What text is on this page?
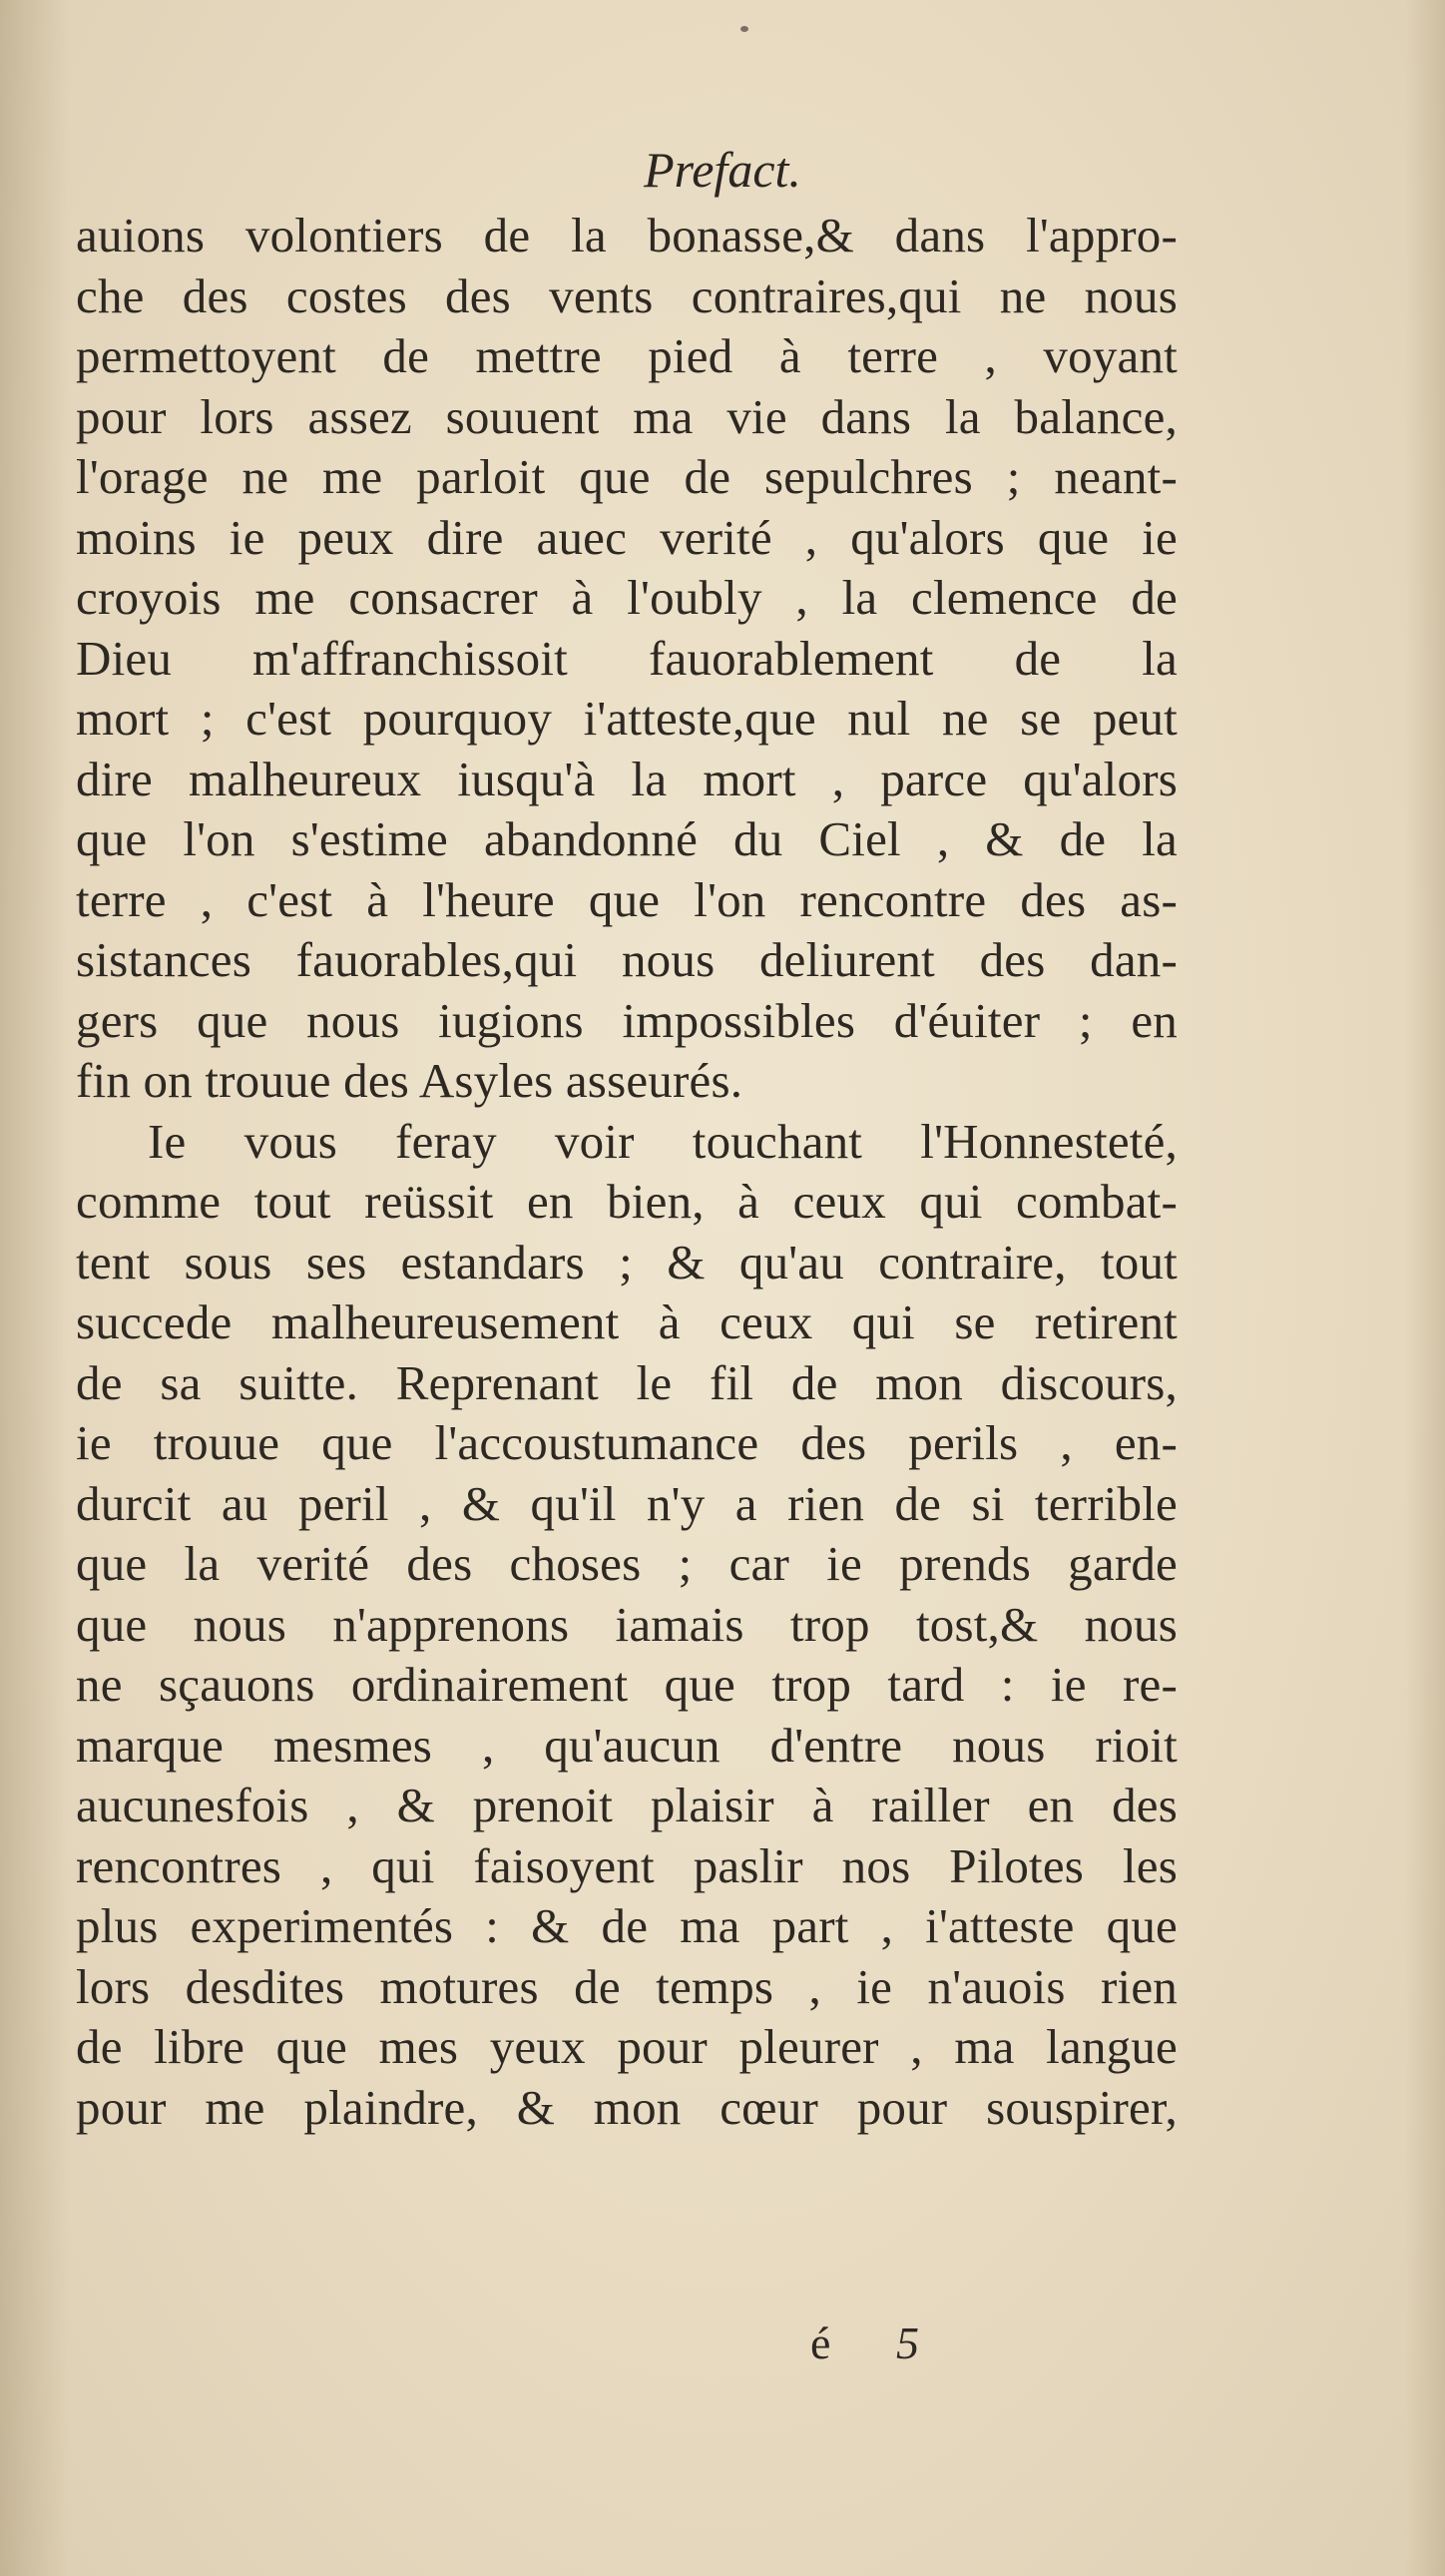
Prefact.
auions volontiers de la bonasse,& dans l'appro-
che des costes des vents contraires,qui ne nous
permettoyent de mettre pied à terre , voyant
pour lors assez souuent ma vie dans la balance,
l'orage ne me parloit que de sepulchres ; neant-
moins ie peux dire auec verité , qu'alors que ie
croyois me consacrer à l'oubly , la clemence de
Dieu m'affranchissoit fauorablement de la
mort ; c'est pourquoy i'atteste,que nul ne se peut
dire malheureux iusqu'à la mort , parce qu'alors
que l'on s'estime abandonné du Ciel , & de la
terre , c'est à l'heure que l'on rencontre des as-
sistances fauorables,qui nous deliurent des dan-
gers que nous iugions impossibles d'éuiter ; en
fin on trouue des Asyles asseurés.
Ie vous feray voir touchant l'Honnesteté,
comme tout reüssit en bien, à ceux qui combat-
tent sous ses estandars ; & qu'au contraire, tout
succede malheureusement à ceux qui se retirent
de sa suitte. Reprenant le fil de mon discours,
ie trouue que l'accoustumance des perils , en-
durcit au peril , & qu'il n'y a rien de si terrible
que la verité des choses ; car ie prends garde
que nous n'apprenons iamais trop tost,& nous
ne sçauons ordinairement que trop tard : ie re-
marque mesmes , qu'aucun d'entre nous rioit
aucunesfois , & prenoit plaisir à railler en des
rencontres , qui faisoyent paslir nos Pilotes les
plus experimentés : & de ma part , i'atteste que
lors desdites motures de temps , ie n'auois rien
de libre que mes yeux pour pleurer , ma langue
pour me plaindre, & mon cœur pour souspirer,
é 5
